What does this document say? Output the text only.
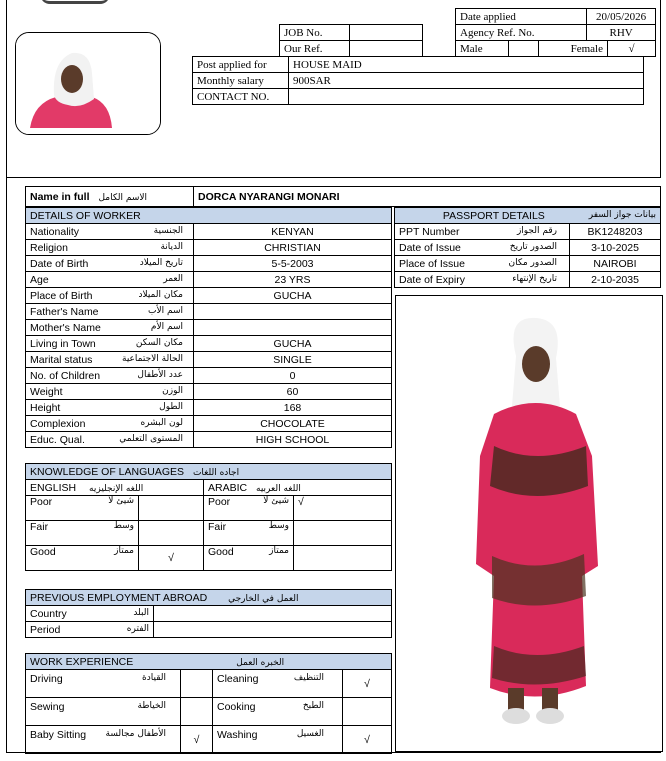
Date applied			20/05/2026	
Agency Ref. No.			RHV	
Male		Female		√
JOB No.	
Our Ref.	
Post applied for	HOUSE MAID
Monthly salary	900SAR
CONTACT NO.	
Name in full الاسم الكامل	DORCA NYARANGI MONARI
DETAILS OF WORKER	
Nationality الجنسية	KENYAN
Religion الديانة	CHRISTIAN
Date of Birth تاريخ الميلاد	5-5-2003
Age العمر	23 YRS
Place of Birth مكان الميلاد	GUCHA
Father's Name اسم الأب	

Mother's Name اسم الأم	

Living in Town مكان السكن	GUCHA
Marital status الحالة الاجتماعية	SINGLE
No. of Children عدد الأطفال	0
Weight الوزن	60
Height الطول	168
Complexion لون البشره	CHOCOLATE
Educ. Qual. المستوى التعلمي	HIGH SCHOOL
PASSPORT DETAILS بيانات جواز السفر	

PPT Number رقم الجواز	BK1248203
Date of Issue الصدور تاريخ	3-10-2025
Place of Issue الصدور مكان	NAIROBI
Date of Expiry تاريخ الإنتهاء	2-10-2035
KNOWLEDGE OF LANGUAGES اجاده اللغات			
ENGLISH اللغه الإنجليزيه		ARABIC اللغه العربيه	
Poor شيئ لا		Poor شيئ لا	√
Fair وسط		Fair وسط	

Good ممتاز	√	Good ممتاز	

PREVIOUS EMPLOYMENT ABROAD العمل في الخارجي	
Country البلد	

Period الفتره	

WORK EXPERIENCE الخبره العمل			
Driving القيادة		Cleaning التنظيف	√
Sewing الخياطة		Cooking الطبخ	

Baby Sitting الأطفال مجالسة	√	Washing الغسيل	√
